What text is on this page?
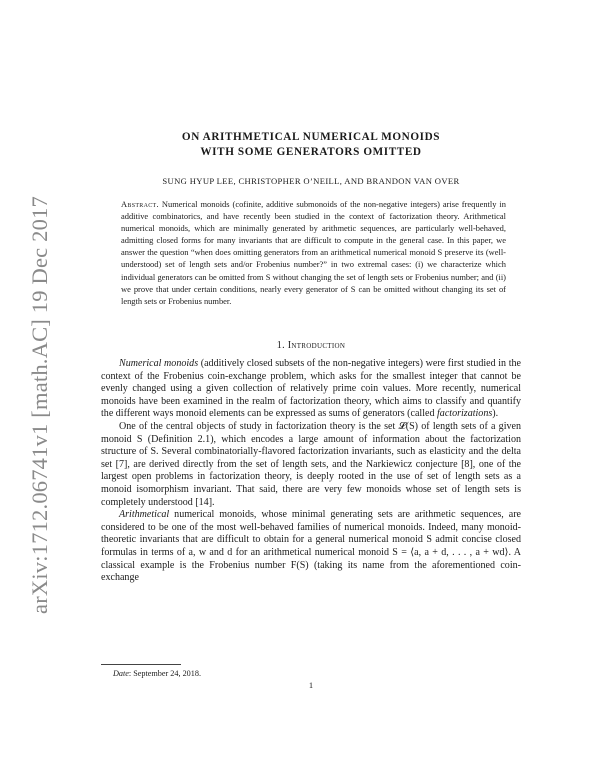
arXiv:1712.06741v1 [math.AC] 19 Dec 2017
ON ARITHMETICAL NUMERICAL MONOIDS
WITH SOME GENERATORS OMITTED
SUNG HYUP LEE, CHRISTOPHER O’NEILL, AND BRANDON VAN OVER
Abstract. Numerical monoids (cofinite, additive submonoids of the non-negative integers) arise frequently in additive combinatorics, and have recently been studied in the context of factorization theory. Arithmetical numerical monoids, which are minimally generated by arithmetic sequences, are particularly well-behaved, admitting closed forms for many invariants that are difficult to compute in the general case. In this paper, we answer the question “when does omitting generators from an arithmetical numerical monoid S preserve its (well-understood) set of length sets and/or Frobenius number?” in two extremal cases: (i) we characterize which individual generators can be omitted from S without changing the set of length sets or Frobenius number; and (ii) we prove that under certain conditions, nearly every generator of S can be omitted without changing its set of length sets or Frobenius number.
1. Introduction

Numerical monoids (additively closed subsets of the non-negative integers) were first studied in the context of the Frobenius coin-exchange problem, which asks for the smallest integer that cannot be evenly changed using a given collection of relatively prime coin values. More recently, numerical monoids have been examined in the realm of factorization theory, which aims to classify and quantify the different ways monoid elements can be expressed as sums of generators (called factorizations).

One of the central objects of study in factorization theory is the set 𝓛(S) of length sets of a given monoid S (Definition 2.1), which encodes a large amount of information about the factorization structure of S. Several combinatorially-flavored factorization invariants, such as elasticity and the delta set [7], are derived directly from the set of length sets, and the Narkiewicz conjecture [8], one of the largest open problems in factorization theory, is deeply rooted in the use of set of length sets as a monoid isomorphism invariant. That said, there are very few monoids whose set of length sets is completely understood [14].

Arithmetical numerical monoids, whose minimal generating sets are arithmetic sequences, are considered to be one of the most well-behaved families of numerical monoids. Indeed, many monoid-theoretic invariants that are difficult to obtain for a general numerical monoid S admit concise closed formulas in terms of a, w and d for an arithmetical numerical monoid S = ⟨a, a + d, . . . , a + wd⟩. A classical example is the Frobenius number F(S) (taking its name from the aforementioned coin-exchange

Date: September 24, 2018.
1
